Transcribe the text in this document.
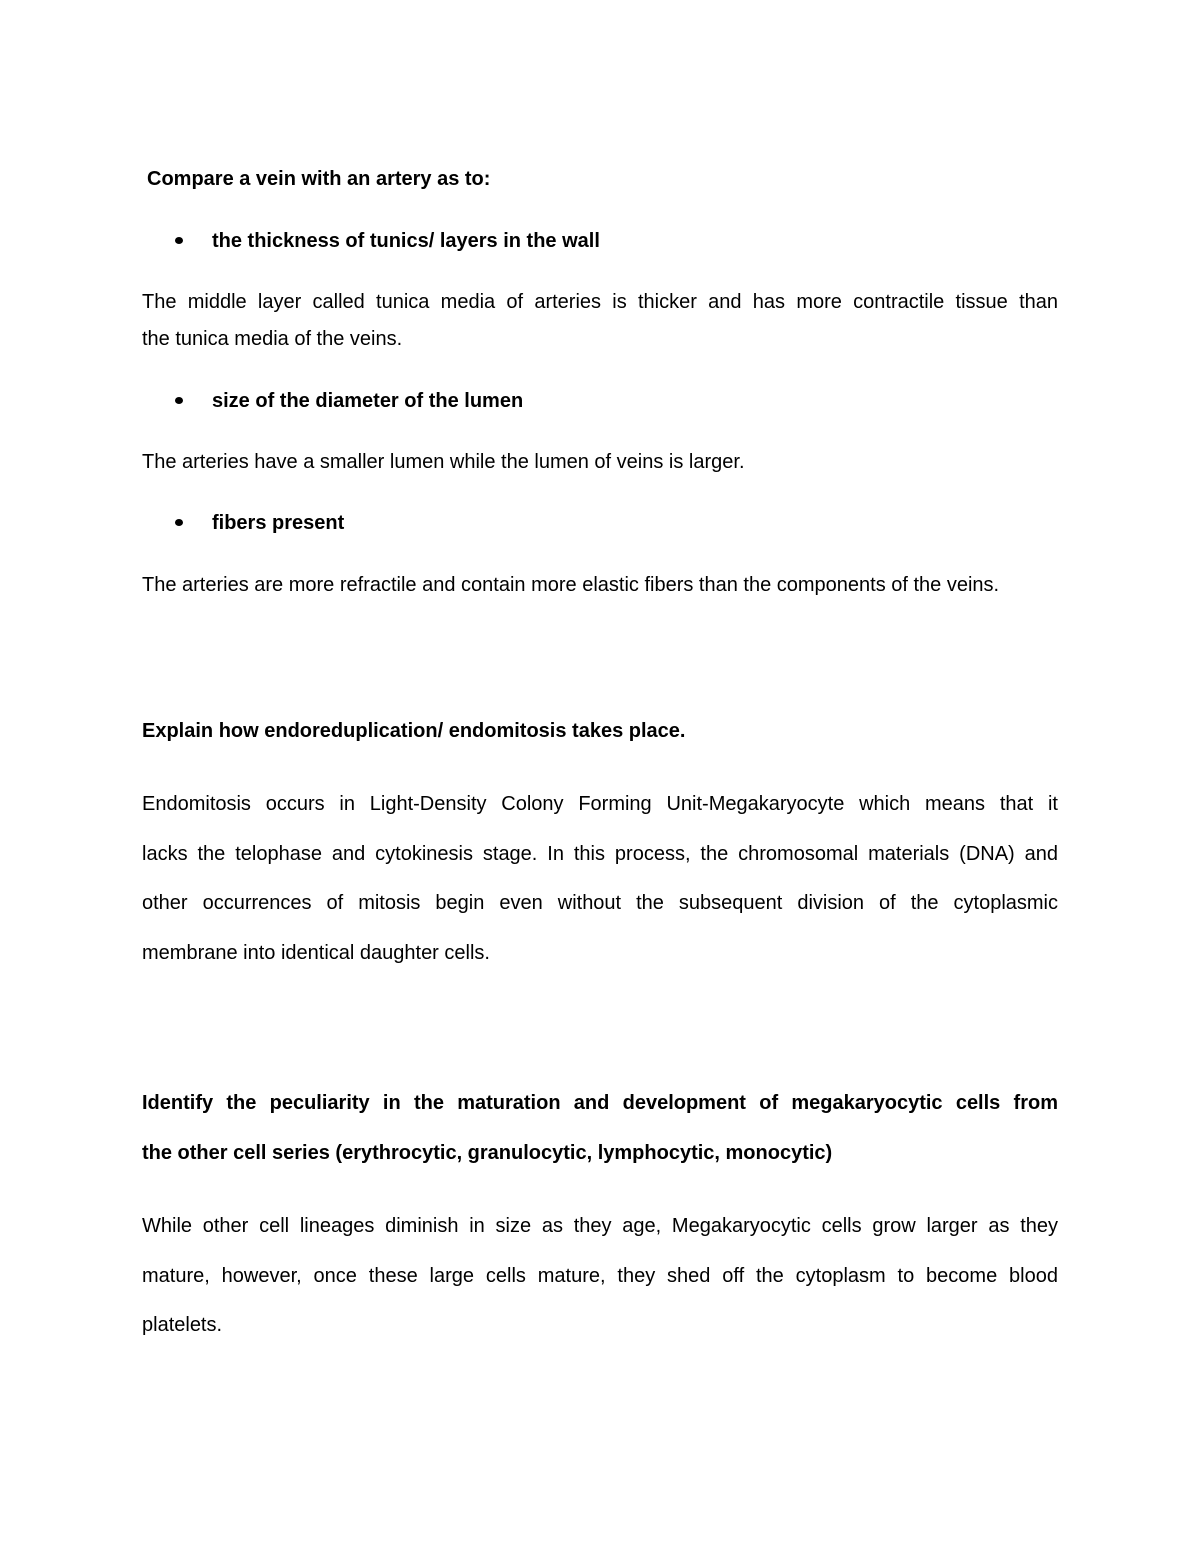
Compare a vein with an artery as to:
the thickness of tunics/ layers in the wall
The middle layer called tunica media of arteries is thicker and has more contractile tissue than
the tunica media of the veins.
size of the diameter of the lumen
The arteries have a smaller lumen while the lumen of veins is larger.
fibers present
The arteries are more refractile and contain more elastic fibers than the components of the veins.
Explain how endoreduplication/ endomitosis takes place.
Endomitosis occurs in Light-Density Colony Forming Unit-Megakaryocyte which means that it
lacks the telophase and cytokinesis stage. In this process, the chromosomal materials (DNA) and
other occurrences of mitosis begin even without the subsequent division of the cytoplasmic
membrane into identical daughter cells.
Identify the peculiarity in the maturation and development of megakaryocytic cells from
the other cell series (erythrocytic, granulocytic, lymphocytic, monocytic)
While other cell lineages diminish in size as they age, Megakaryocytic cells grow larger as they
mature, however, once these large cells mature, they shed off the cytoplasm to become blood
platelets.
